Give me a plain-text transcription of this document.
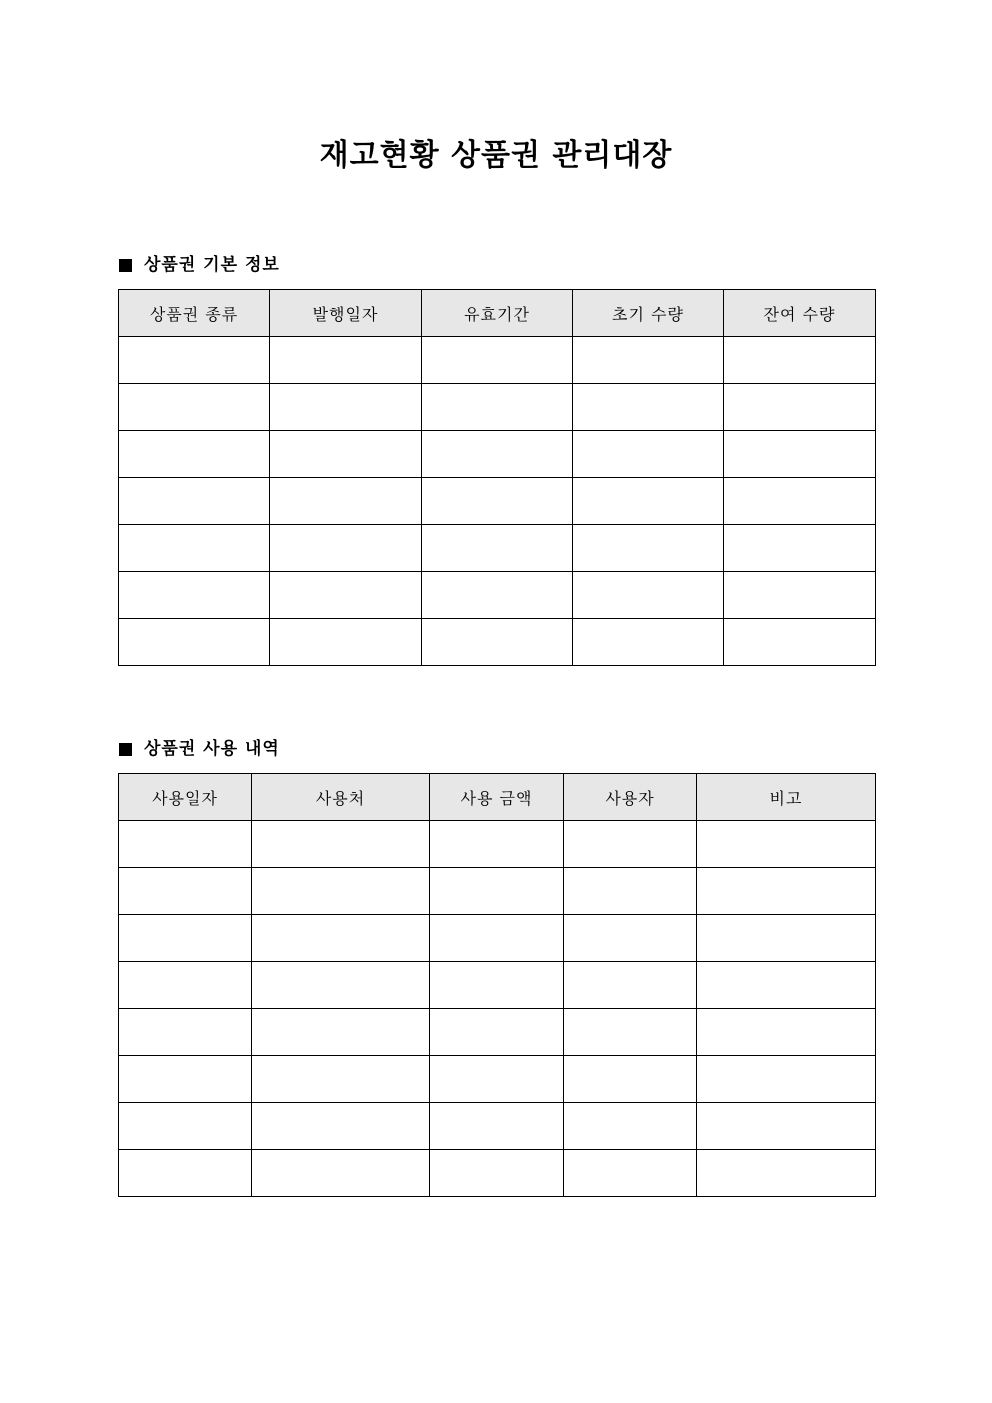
재고현황 상품권 관리대장
상품권 기본 정보
상품권 종류	발행일자	유효기간	초기 수량	잔여 수량

상품권 사용 내역
사용일자	사용처	사용 금액	사용자	비고
